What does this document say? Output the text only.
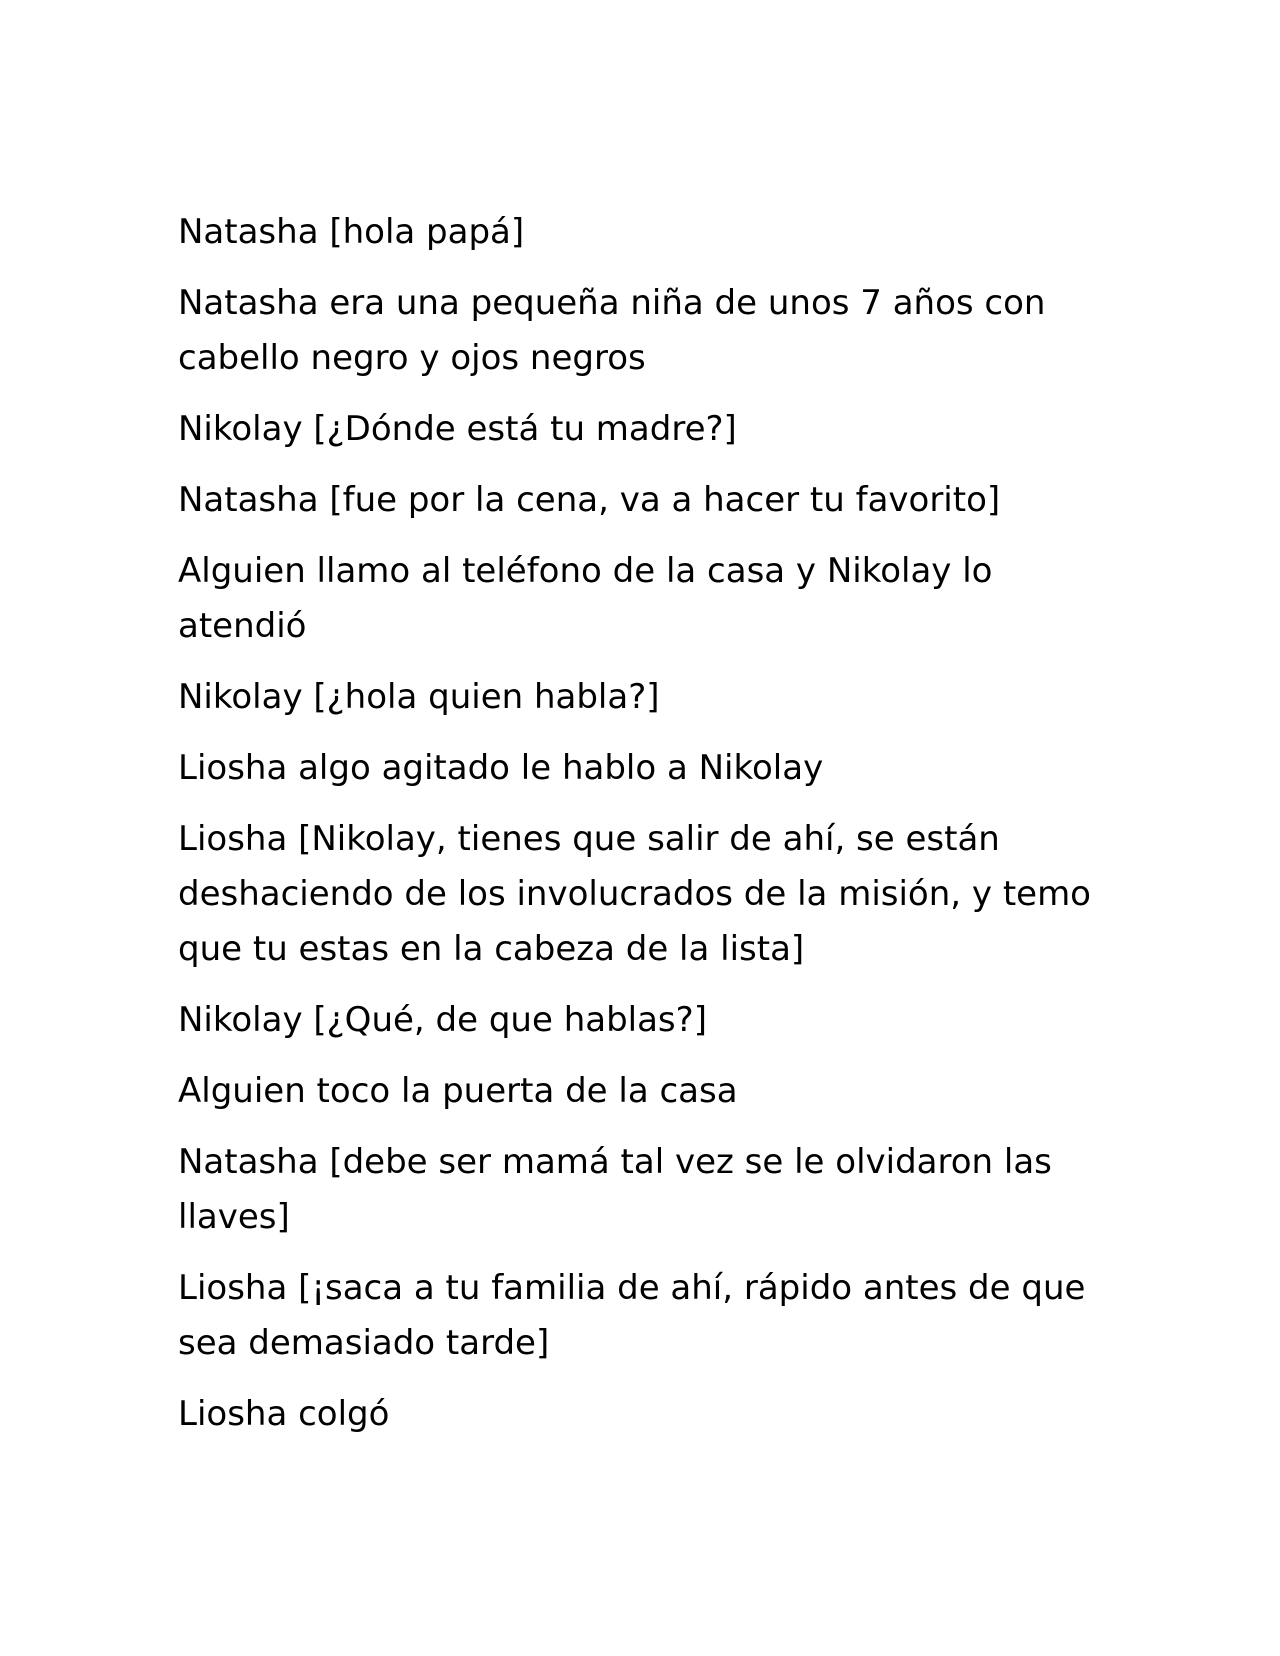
Natasha [hola papá]

Natasha era una pequeña niña de unos 7 años con cabello negro y ojos negros

Nikolay [¿Dónde está tu madre?]

Natasha [fue por la cena, va a hacer tu favorito]

Alguien llamo al teléfono de la casa y Nikolay lo atendió

Nikolay [¿hola quien habla?]

Liosha algo agitado le hablo a Nikolay

Liosha [Nikolay, tienes que salir de ahí, se están deshaciendo de los involucrados de la misión, y temo que tu estas en la cabeza de la lista]

Nikolay [¿Qué, de que hablas?]

Alguien toco la puerta de la casa

Natasha [debe ser mamá tal vez se le olvidaron las llaves]

Liosha [¡saca a tu familia de ahí, rápido antes de que sea demasiado tarde]

Liosha colgó
